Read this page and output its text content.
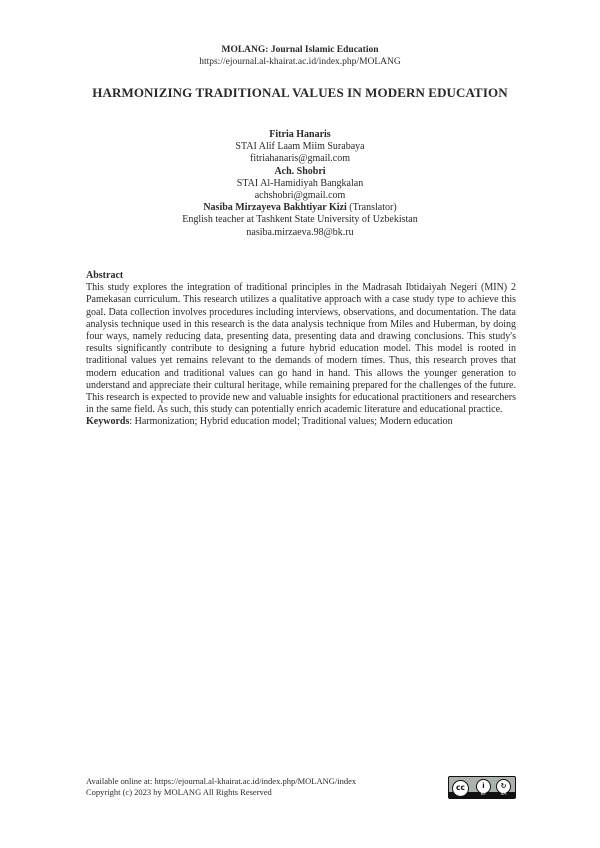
MOLANG: Journal Islamic Education
https://ejournal.al-khairat.ac.id/index.php/MOLANG
HARMONIZING TRADITIONAL VALUES IN MODERN EDUCATION
Fitria Hanaris
STAI Alif Laam Miim Surabaya
fitriahanaris@gmail.com
Ach. Shobri
STAI Al-Hamidiyah Bangkalan
achshobri@gmail.com
Nasiba Mirzayeva Bakhtiyar Kizi (Translator)
English teacher at Tashkent State University of Uzbekistan
nasiba.mirzaeva.98@bk.ru
Abstract
This study explores the integration of traditional principles in the Madrasah Ibtidaiyah Negeri (MIN) 2 Pamekasan curriculum. This research utilizes a qualitative approach with a case study type to achieve this goal. Data collection involves procedures including interviews, observations, and documentation. The data analysis technique used in this research is the data analysis technique from Miles and Huberman, by doing four ways, namely reducing data, presenting data, presenting data and drawing conclusions. This study's results significantly contribute to designing a future hybrid education model. This model is rooted in traditional values yet remains relevant to the demands of modern times. Thus, this research proves that modern education and traditional values can go hand in hand. This allows the younger generation to understand and appreciate their cultural heritage, while remaining prepared for the challenges of the future. This research is expected to provide new and valuable insights for educational practitioners and researchers in the same field. As such, this study can potentially enrich academic literature and educational practice.
Keywords: Harmonization; Hybrid education model; Traditional values; Modern education
Available online at: https://ejournal.al-khairat.ac.id/index.php/MOLANG/index
Copyright (c) 2023 by MOLANG All Rights Reserved	cc	i	↻
BY	SA
